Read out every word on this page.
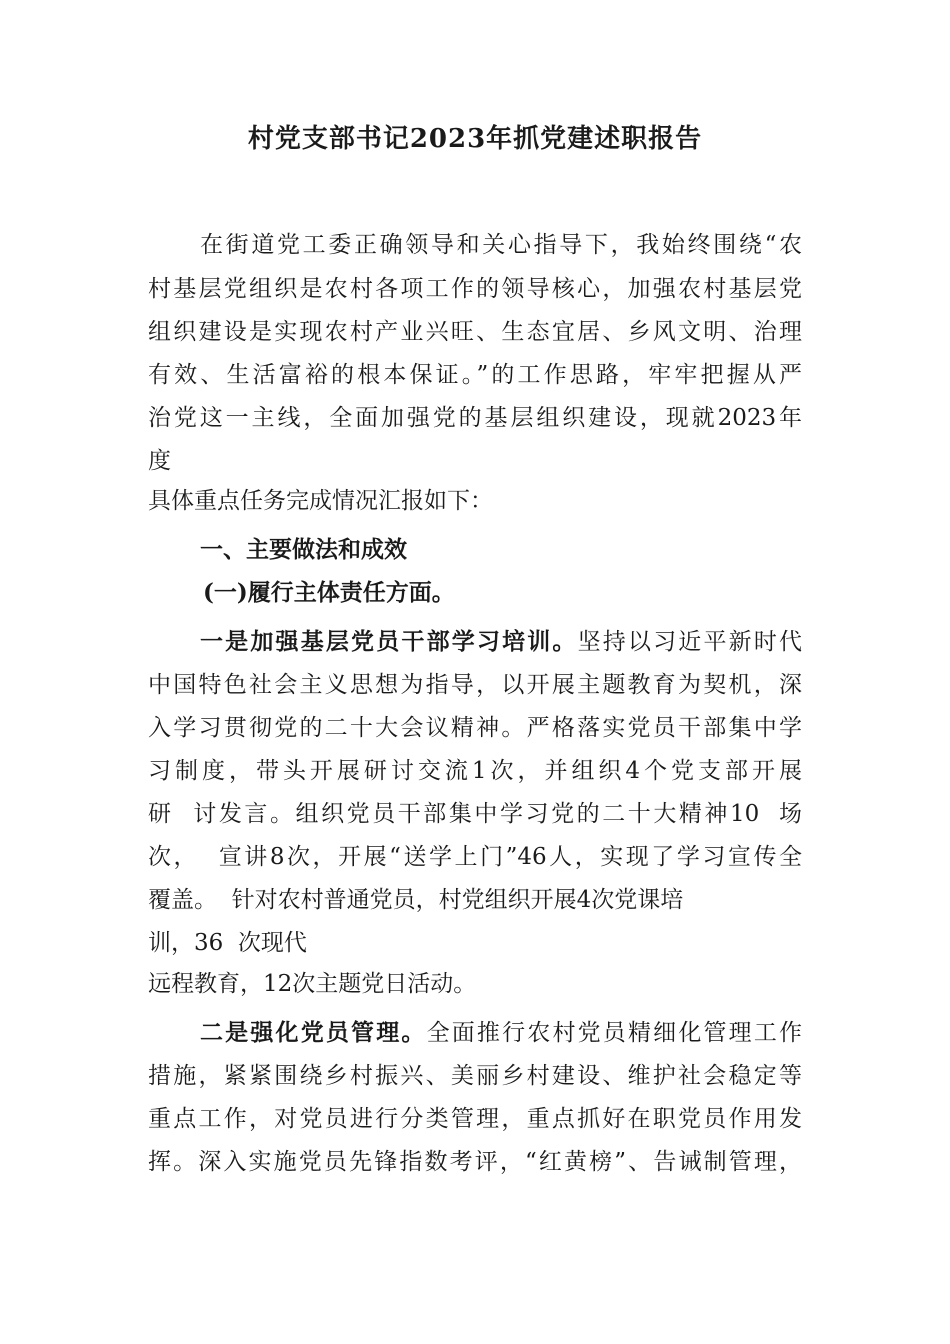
村党支部书记2023年抓党建述职报告
在街道党工委正确领导和关心指导下，我始终围绕“农
村基层党组织是农村各项工作的领导核心，加强农村基层党
组织建设是实现农村产业兴旺、生态宜居、乡风文明、治理
有效、生活富裕的根本保证。”的工作思路，牢牢把握从严
治党这一主线，全面加强党的基层组织建设，现就2023年
度
具体重点任务完成情况汇报如下：
一、主要做法和成效
(一)履行主体责任方面。
一是加强基层党员干部学习培训。坚持以习近平新时代
中国特色社会主义思想为指导，以开展主题教育为契机，深
入学习贯彻党的二十大会议精神。严格落实党员干部集中学
习制度，带头开展研讨交流1次，并组织4个党支部开展
研  讨发言。组织党员干部集中学习党的二十大精神10  场
次，  宣讲8次，开展“送学上门”46人，实现了学习宣传全
覆盖。  针对农村普通党员，村党组织开展4次党课培
训，36  次现代
远程教育，12次主题党日活动。
二是强化党员管理。全面推行农村党员精细化管理工作
措施，紧紧围绕乡村振兴、美丽乡村建设、维护社会稳定等
重点工作，对党员进行分类管理，重点抓好在职党员作用发
挥。深入实施党员先锋指数考评，“红黄榜”、告诫制管理，
